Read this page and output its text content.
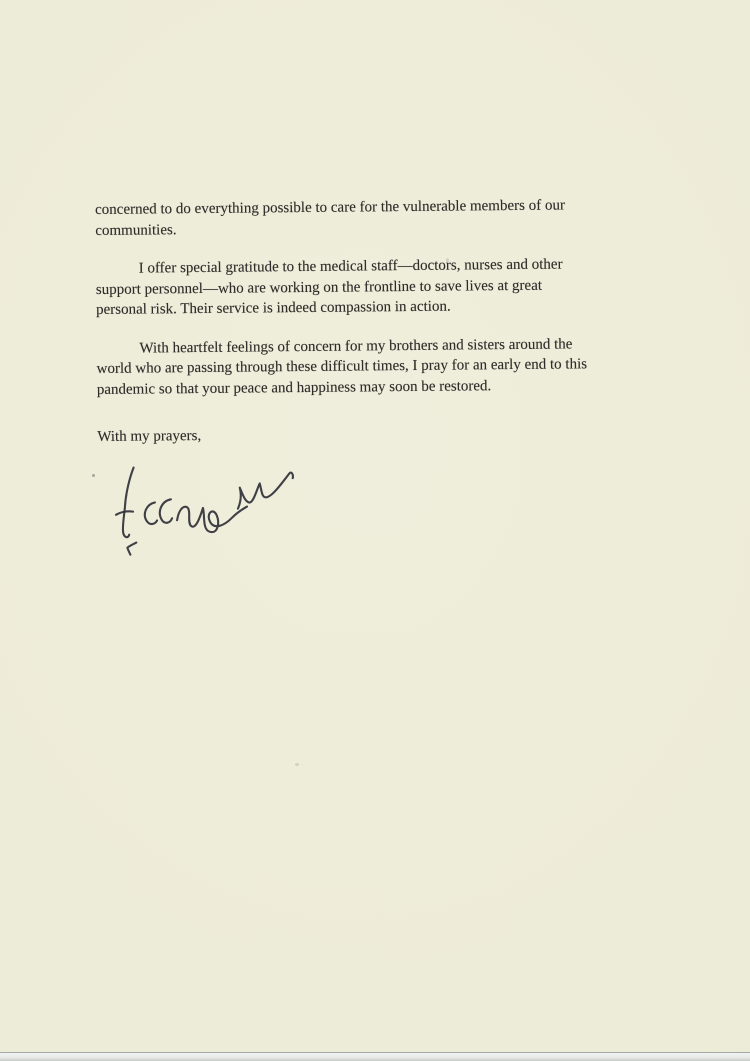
concerned to do everything possible to care for the vulnerable members of our
communities.
I offer special gratitude to the medical staff—doctors, nurses and other
support personnel—who are working on the frontline to save lives at great
personal risk. Their service is indeed compassion in action.
With heartfelt feelings of concern for my brothers and sisters around the
world who are passing through these difficult times, I pray for an early end to this
pandemic so that your peace and happiness may soon be restored.
With my prayers,
